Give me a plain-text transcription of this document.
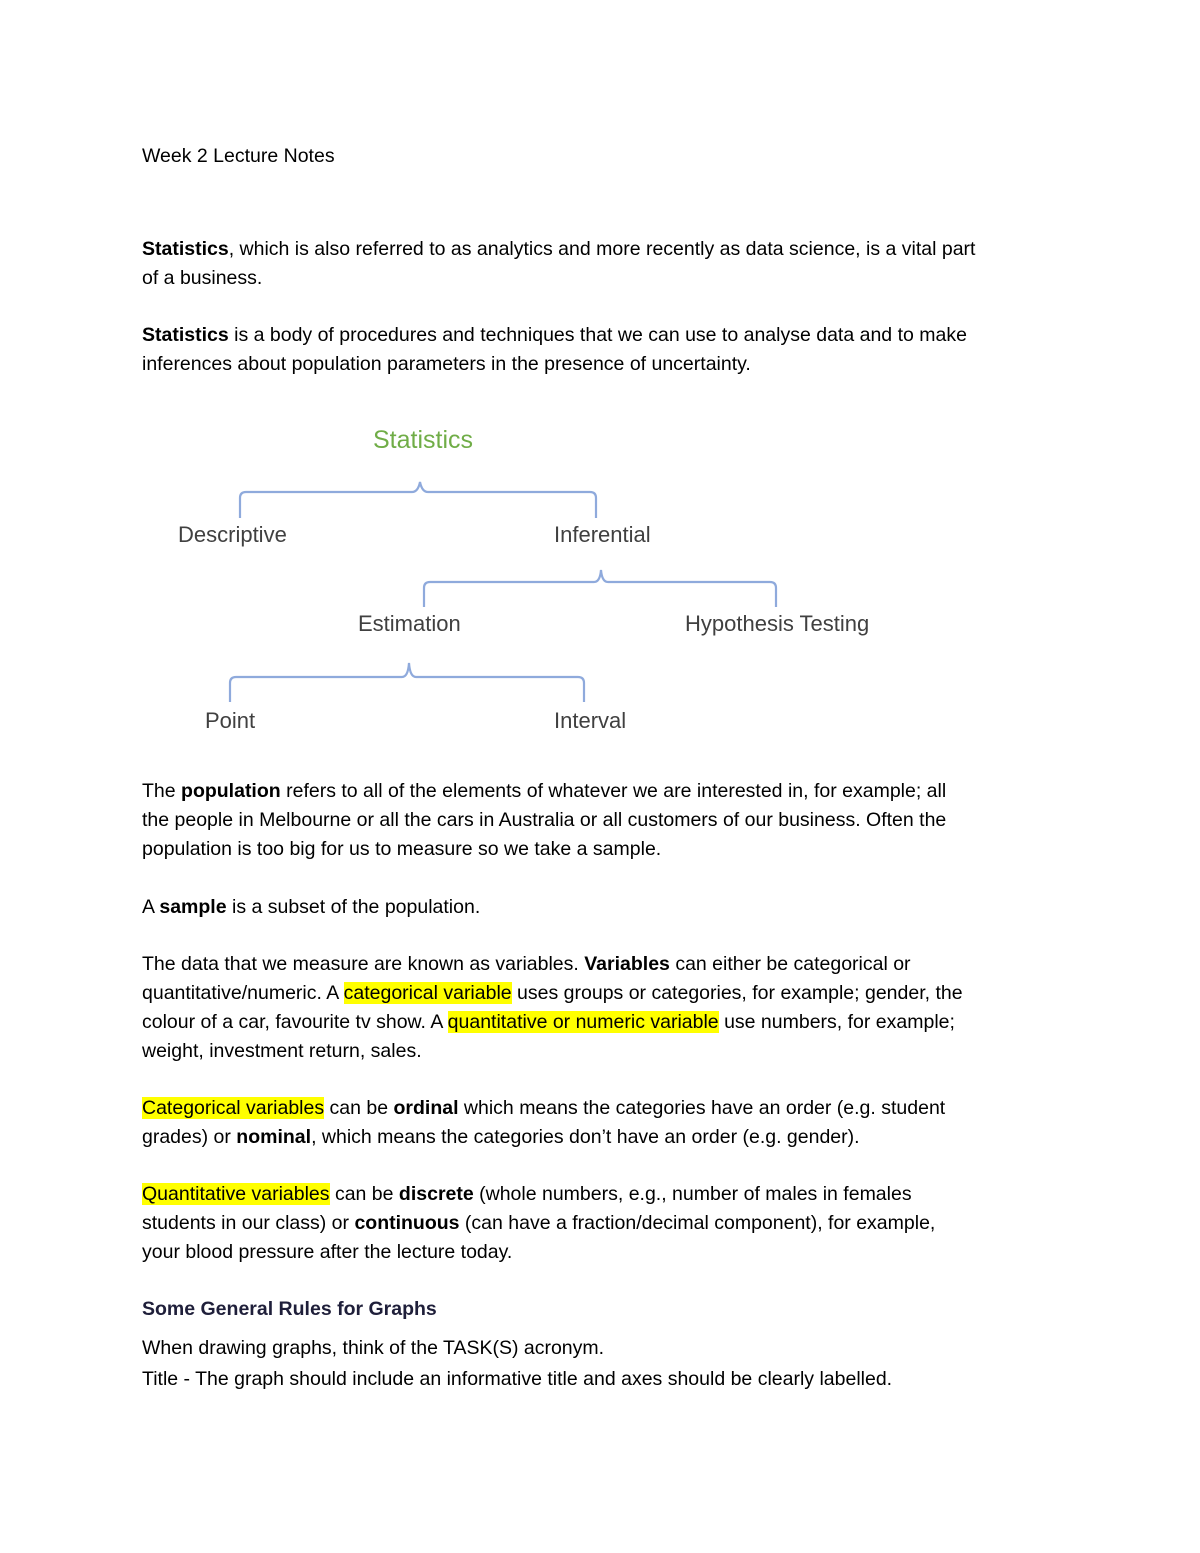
Week 2 Lecture Notes
Statistics, which is also referred to as analytics and more recently as data science, is a vital part
of a business.
Statistics is a body of procedures and techniques that we can use to analyse data and to make
inferences about population parameters in the presence of uncertainty.
Statistics
Descriptive	Inferential
Estimation	Hypothesis Testing
Point	Interval
The population refers to all of the elements of whatever we are interested in, for example; all
the people in Melbourne or all the cars in Australia or all customers of our business. Often the
population is too big for us to measure so we take a sample.
A sample is a subset of the population.
The data that we measure are known as variables. Variables can either be categorical or
quantitative/numeric. A categorical variable uses groups or categories, for example; gender, the
colour of a car, favourite tv show. A quantitative or numeric variable use numbers, for example;
weight, investment return, sales.
Categorical variables can be ordinal which means the categories have an order (e.g. student
grades) or nominal, which means the categories don’t have an order (e.g. gender).
Quantitative variables can be discrete (whole numbers, e.g., number of males in females
students in our class) or continuous (can have a fraction/decimal component), for example,
your blood pressure after the lecture today.
Some General Rules for Graphs
When drawing graphs, think of the TASK(S) acronym.
Title - The graph should include an informative title and axes should be clearly labelled.
